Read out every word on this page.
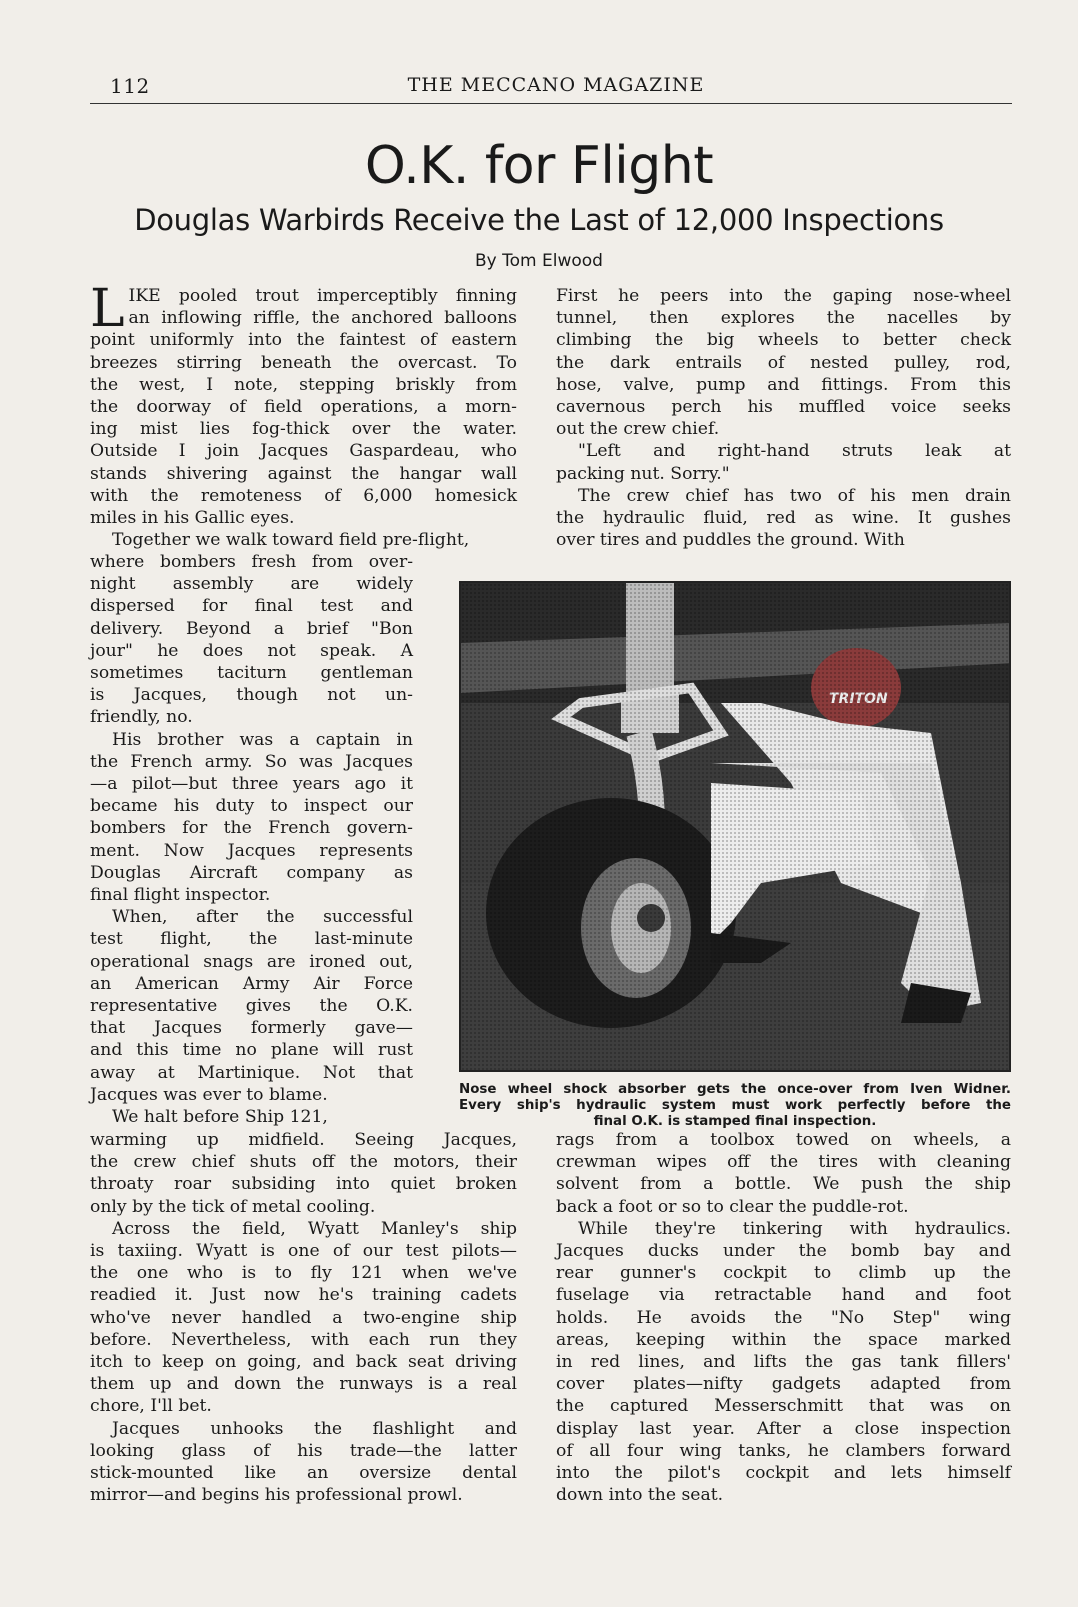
112	THE MECCANO MAGAZINE
O.K. for Flight
Douglas Warbirds Receive the Last of 12,000 Inspections
By Tom Elwood
L IKE pooled trout imperceptibly finning
an inflowing riffle, the anchored balloons
point uniformly into the faintest of eastern
breezes stirring beneath the overcast. To
the west, I note, stepping briskly from
the doorway of field operations, a morn-
ing mist lies fog-thick over the water.
Outside I join Jacques Gaspardeau, who
stands shivering against the hangar wall
with the remoteness of 6,000 homesick
miles in his Gallic eyes.
Together we walk toward field pre-flight,
where bombers fresh from over-
night assembly are widely
dispersed for final test and
delivery. Beyond a brief "Bon
jour" he does not speak. A
sometimes taciturn gentleman
is Jacques, though not un-
friendly, no.
His brother was a captain in
the French army. So was Jacques
—a pilot—but three years ago it
became his duty to inspect our
bombers for the French govern-
ment. Now Jacques represents
Douglas Aircraft company as
final flight inspector.
When, after the successful
test flight, the last-minute
operational snags are ironed out,
an American Army Air Force
representative gives the O.K.
that Jacques formerly gave—
and this time no plane will rust
away at Martinique. Not that
Jacques was ever to blame.
We halt before Ship 121,
warming up midfield. Seeing Jacques,
the crew chief shuts off the motors, their
throaty roar subsiding into quiet broken
only by the tick of metal cooling.
Across the field, Wyatt Manley's ship
is taxiing. Wyatt is one of our test pilots—
the one who is to fly 121 when we've
readied it. Just now he's training cadets
who've never handled a two-engine ship
before. Nevertheless, with each run they
itch to keep on going, and back seat driving
them up and down the runways is a real
chore, I'll bet.
Jacques unhooks the flashlight and
looking glass of his trade—the latter
stick-mounted like an oversize dental
mirror—and begins his professional prowl.
First he peers into the gaping nose-wheel
tunnel, then explores the nacelles by
climbing the big wheels to better check
the dark entrails of nested pulley, rod,
hose, valve, pump and fittings. From this
cavernous perch his muffled voice seeks
out the crew chief.
"Left and right-hand struts leak at
packing nut. Sorry."
The crew chief has two of his men drain
the hydraulic fluid, red as wine. It gushes
over tires and puddles the ground. With
Nose wheel shock absorber gets the once-over from Iven Widner.
Every ship's hydraulic system must work perfectly before the
final O.K. is stamped final inspection.
rags from a toolbox towed on wheels, a
crewman wipes off the tires with cleaning
solvent from a bottle. We push the ship
back a foot or so to clear the puddle-rot.
While they're tinkering with hydraulics.
Jacques ducks under the bomb bay and
rear gunner's cockpit to climb up the
fuselage via retractable hand and foot
holds. He avoids the "No Step" wing
areas, keeping within the space marked
in red lines, and lifts the gas tank fillers'
cover plates—nifty gadgets adapted from
the captured Messerschmitt that was on
display last year. After a close inspection
of all four wing tanks, he clambers forward
into the pilot's cockpit and lets himself
down into the seat.
